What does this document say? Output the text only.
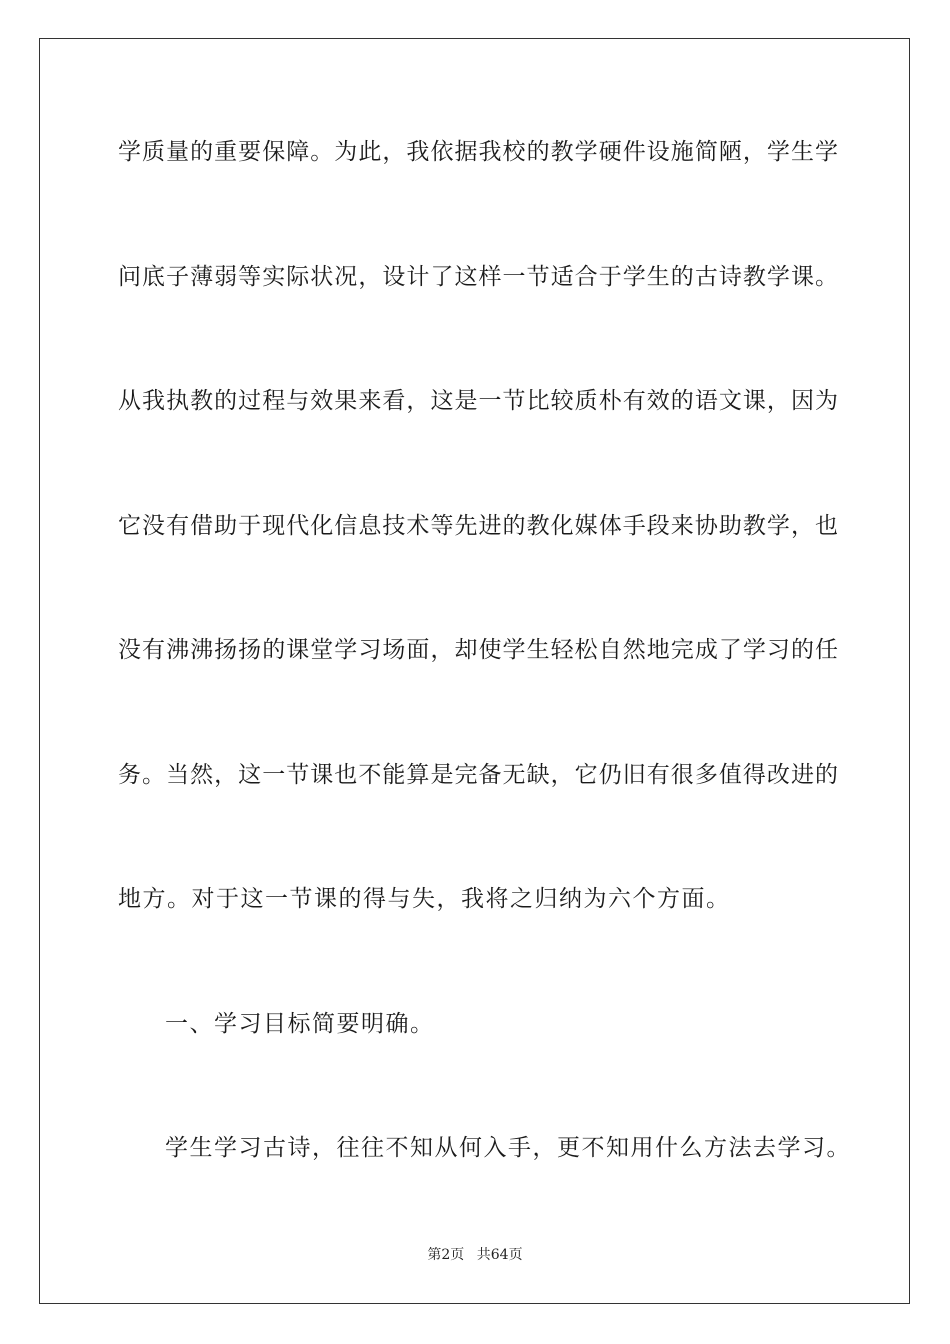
学质量的重要保障。为此，我依据我校的教学硬件设施简陋，学生学
问底子薄弱等实际状况，设计了这样一节适合于学生的古诗教学课。
从我执教的过程与效果来看，这是一节比较质朴有效的语文课，因为
它没有借助于现代化信息技术等先进的教化媒体手段来协助教学，也
没有沸沸扬扬的课堂学习场面，却使学生轻松自然地完成了学习的任
务。当然，这一节课也不能算是完备无缺，它仍旧有很多值得改进的
地方。对于这一节课的得与失，我将之归纳为六个方面。
一、学习目标简要明确。
学生学习古诗，往往不知从何入手，更不知用什么方法去学习。
第2页 共64页
